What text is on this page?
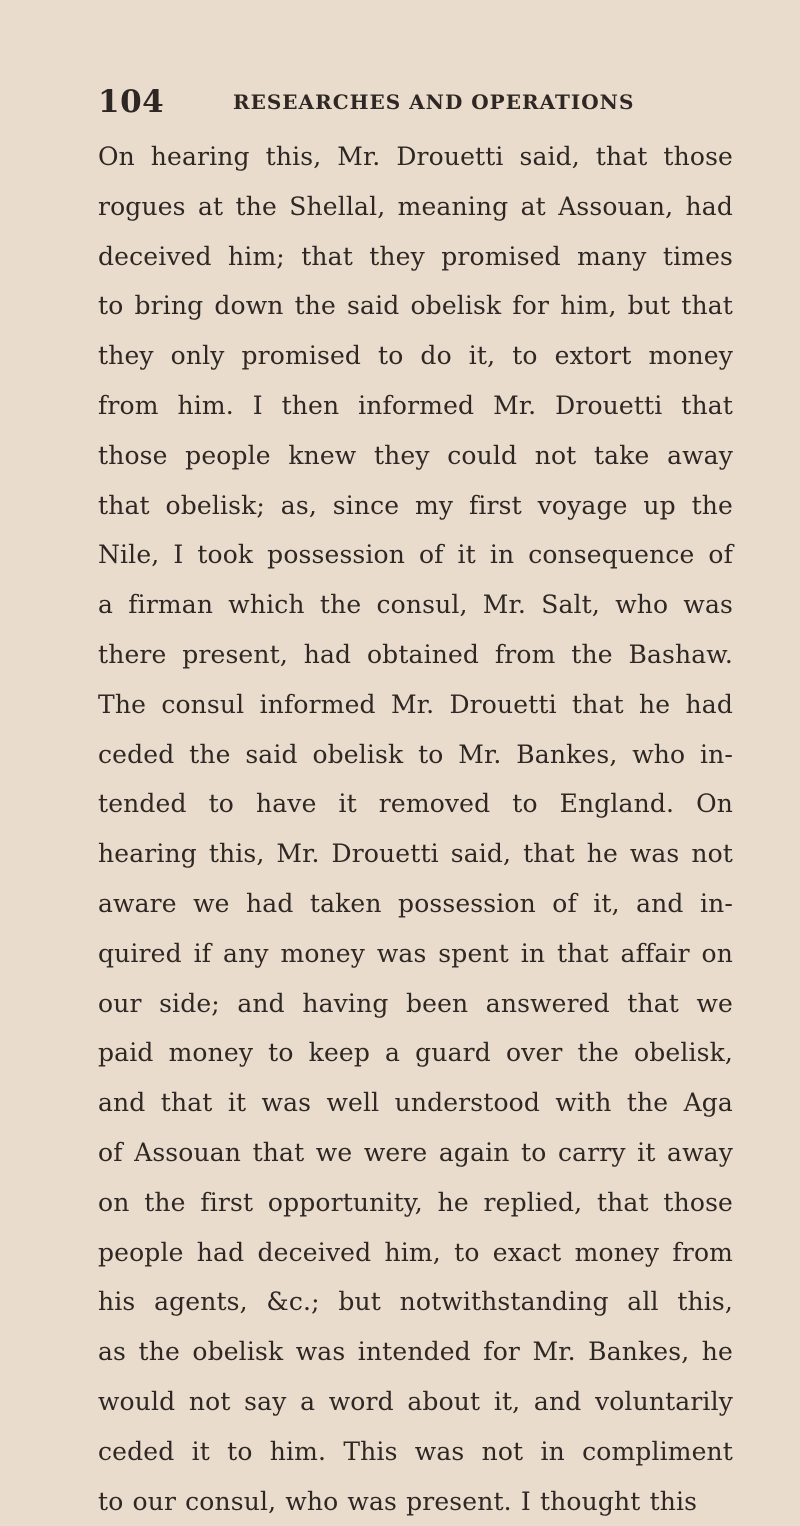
104	RESEARCHES AND OPERATIONS
On hearing this, Mr. Drouetti said, that those
rogues at the Shellal, meaning at Assouan, had
deceived him; that they promised many times
to bring down the said obelisk for him, but that
they only promised to do it, to extort money
from him. I then informed Mr. Drouetti that
those people knew they could not take away
that obelisk; as, since my first voyage up the
Nile, I took possession of it in consequence of
a firman which the consul, Mr. Salt, who was
there present, had obtained from the Bashaw.
The consul informed Mr. Drouetti that he had
ceded the said obelisk to Mr. Bankes, who in-
tended to have it removed to England. On
hearing this, Mr. Drouetti said, that he was not
aware we had taken possession of it, and in-
quired if any money was spent in that affair on
our side; and having been answered that we
paid money to keep a guard over the obelisk,
and that it was well understood with the Aga
of Assouan that we were again to carry it away
on the first opportunity, he replied, that those
people had deceived him, to exact money from
his agents, &c.; but notwithstanding all this,
as the obelisk was intended for Mr. Bankes, he
would not say a word about it, and voluntarily
ceded it to him. This was not in compliment
to our consul, who was present. I thought this
